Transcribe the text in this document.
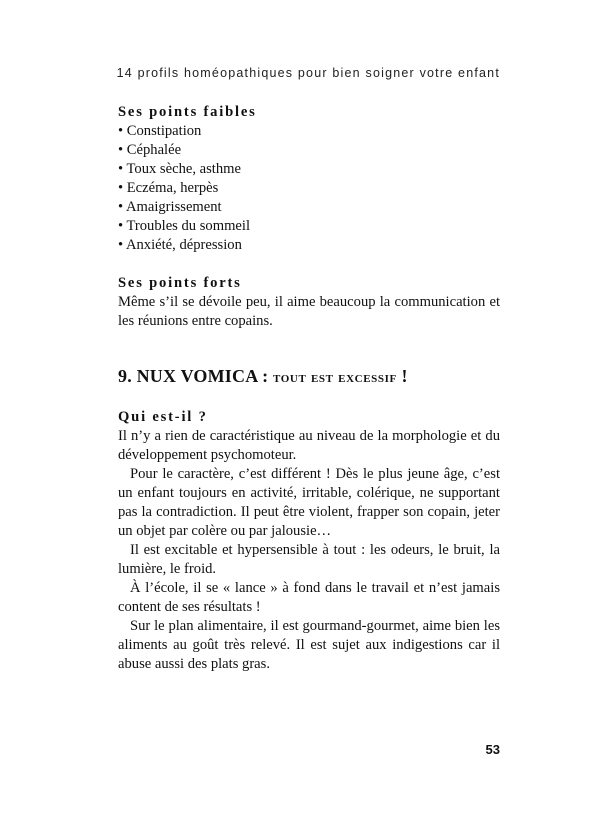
14 profils homéopathiques pour bien soigner votre enfant
Ses points faibles
• Constipation
• Céphalée
• Toux sèche, asthme
• Eczéma, herpès
• Amaigrissement
• Troubles du sommeil
• Anxiété, dépression
Ses points forts

Même s’il se dévoile peu, il aime beaucoup la communication et les réunions entre copains.

9. NUX VOMICA : tout est excessif !
Qui est-il ?

Il n’y a rien de caractéristique au niveau de la morphologie et du développement psychomoteur.

Pour le caractère, c’est différent ! Dès le plus jeune âge, c’est un enfant toujours en activité, irritable, colérique, ne supportant pas la contradiction. Il peut être violent, frapper son copain, jeter un objet par colère ou par jalousie…

Il est excitable et hypersensible à tout : les odeurs, le bruit, la lumière, le froid.

À l’école, il se « lance » à fond dans le travail et n’est jamais content de ses résultats !

Sur le plan alimentaire, il est gourmand-gourmet, aime bien les aliments au goût très relevé. Il est sujet aux indigestions car il abuse aussi des plats gras.

53
